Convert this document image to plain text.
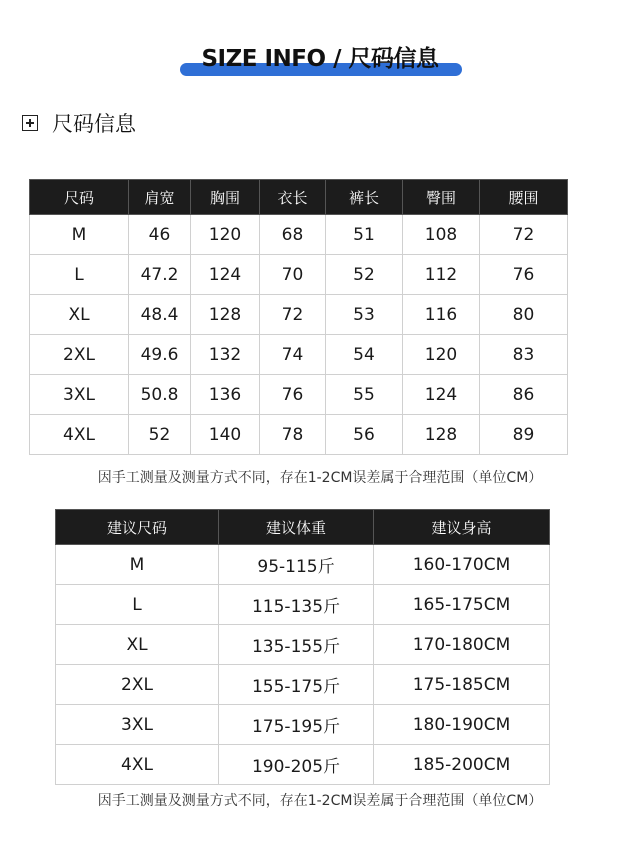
SIZE INFO / 尺码信息
尺码信息
尺码	肩宽	胸围	衣长	裤长	臀围	腰围
M	46	120	68	51	108	72
L	47.2	124	70	52	112	76
XL	48.4	128	72	53	116	80
2XL	49.6	132	74	54	120	83
3XL	50.8	136	76	55	124	86
4XL	52	140	78	56	128	89
因手工测量及测量方式不同，存在1-2CM误差属于合理范围（单位CM）
建议尺码	建议体重	建议身高
M	95-115斤	160-170CM
L	115-135斤	165-175CM
XL	135-155斤	170-180CM
2XL	155-175斤	175-185CM
3XL	175-195斤	180-190CM
4XL	190-205斤	185-200CM
因手工测量及测量方式不同，存在1-2CM误差属于合理范围（单位CM）
